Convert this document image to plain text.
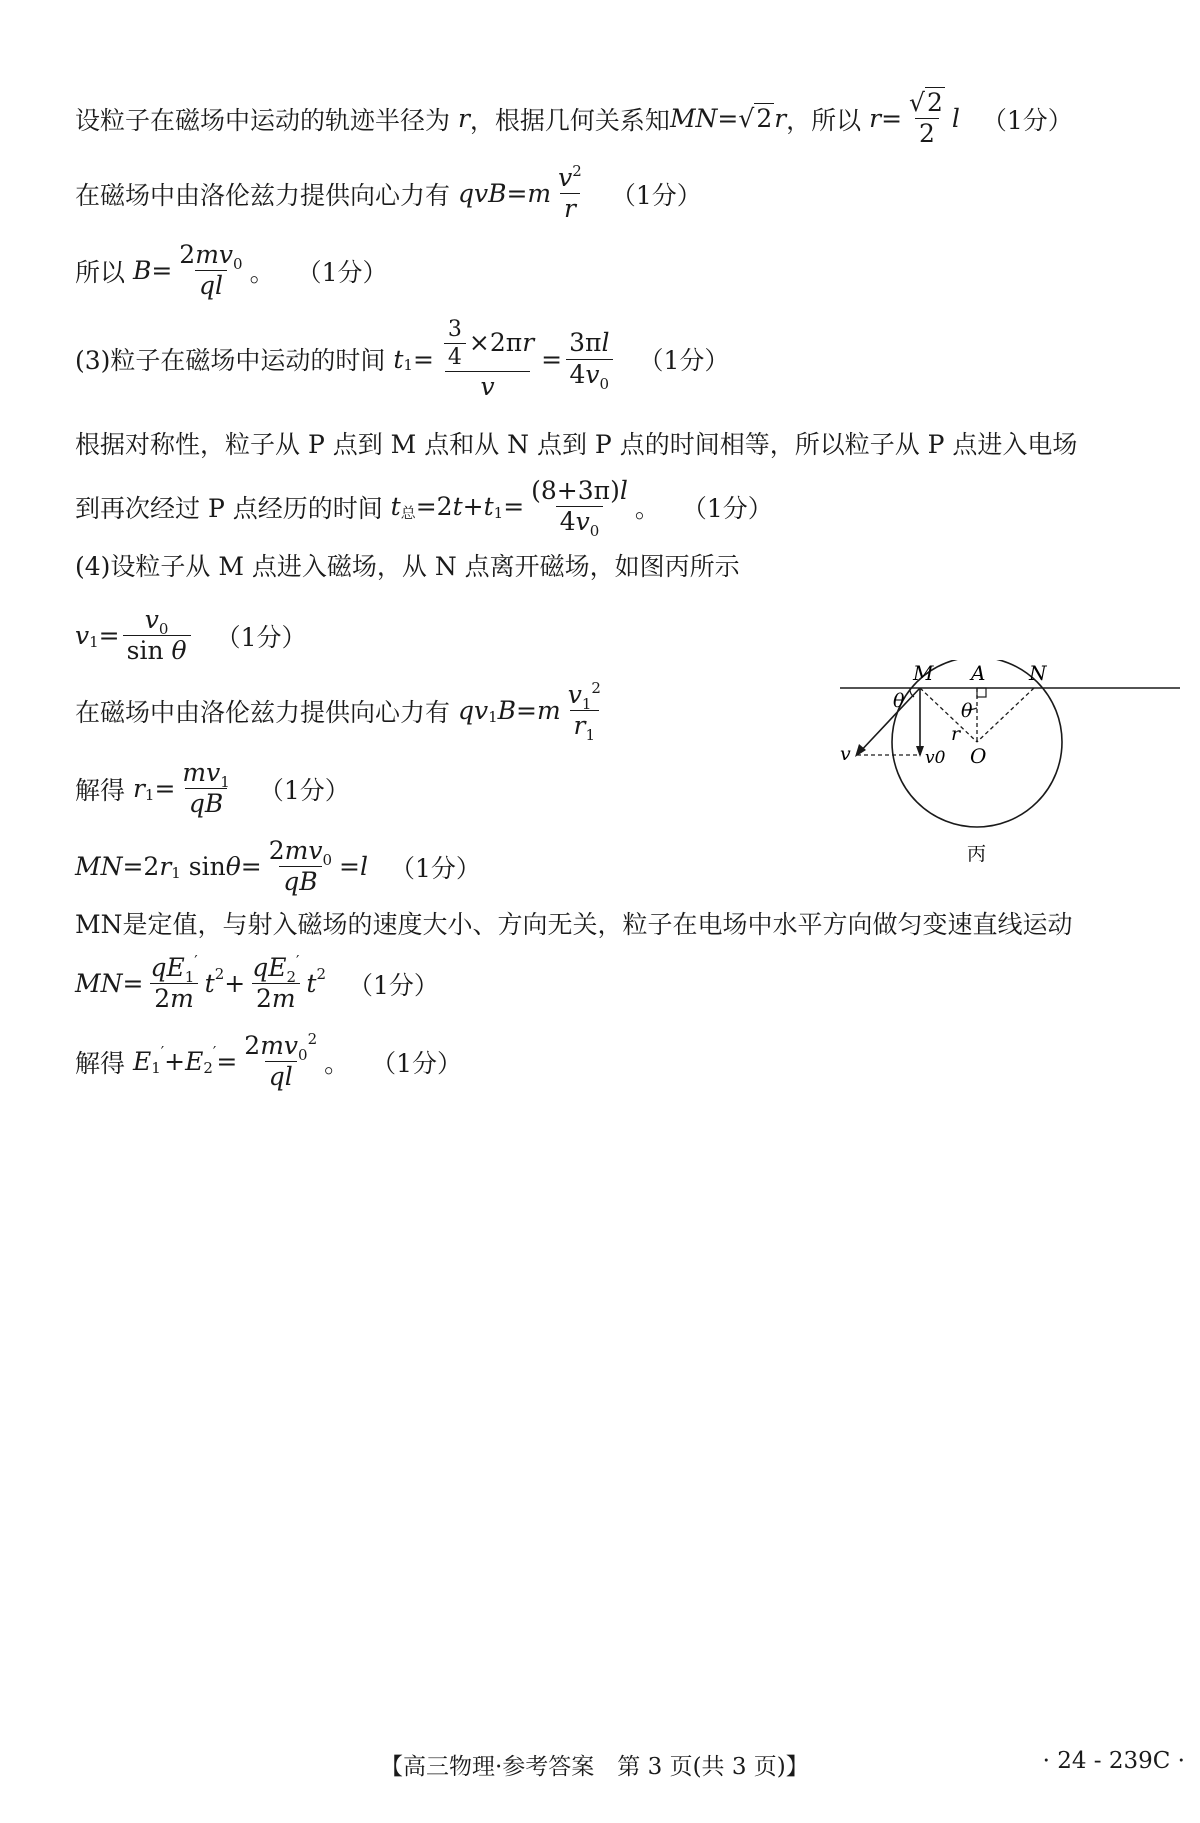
设粒子在磁场中运动的轨迹半径为 r ，根据几何关系知 MN = √2 r ，所以 $r = \frac{√2}{2}$ l （1分）
在磁场中由洛伦兹力提供向心力有 qvB = m $\frac{v^2}{r} (1$分）
所以 $B = \frac{2mv_0}{ql}$ 。 （1分）
(3)粒子在磁场中运动的时间 t $1 = \frac{\frac{3}{4} \times 2\pi r}{v} = \frac{3\pi l}{4v_0} (1$分）
根据对称性，粒子从 P 点到 M 点和从 N 点到 P 点的时间相等，所以粒子从 P 点进入电场
到再次经过 P 点经历的时间 t 总 =2 t + t $1 = \frac{(8+3\pi)l}{4v_0}$ 。 （1分）
(4)设粒子从 M 点进入磁场，从 N 点离开磁场，如图丙所示
v $1 = \frac{v_0}{\text{sin θ}} (1$分）
在磁场中由洛伦兹力提供向心力有 qv 1 B = m $\frac{v_1^2}{r_1}$
解得 r $1 = \frac{mv_1}{qB} (1$分）
MN =2 r 1 $\sin \theta = \frac{2mv_0}{qB} = l$ （1分）
MN是定值，与射入磁场的速度大小、方向无关，粒子在电场中水平方向做匀变速直线运动
MN = $\frac{qE_1'}{2m}$ t $2 + \frac{qE_2'}{2m}$ t 2 （1分）
解得 E 1
′ + E 2
′ = $\frac{2mv_0^2}{ql}$ 。 （1分）
M A N
O
θ	θ
r
v	v0
丙
【高三物理·参考答案　第 3 页(共 3 页)】	· 24 - 239C ·
